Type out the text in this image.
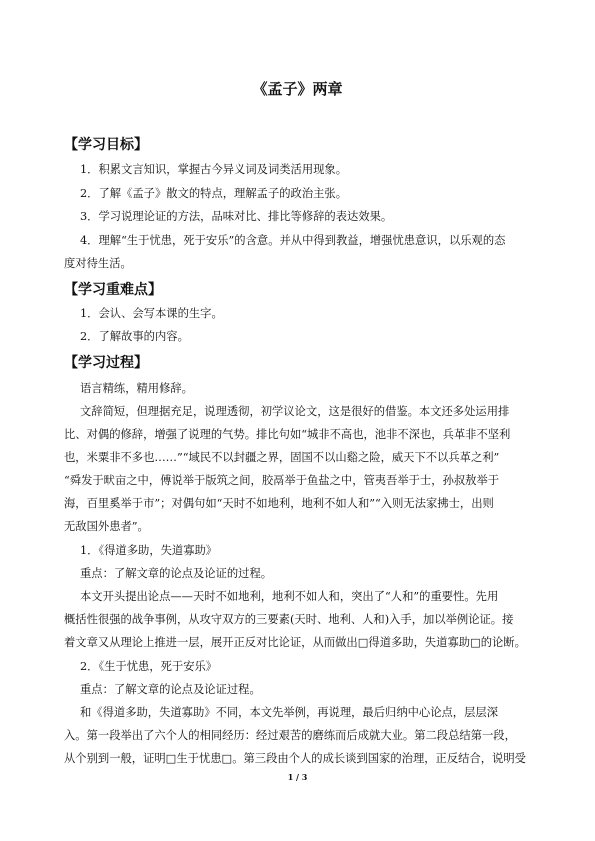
《孟子》两章
【学习目标】
1．积累文言知识，掌握古今异义词及词类活用现象。
2．了解《孟子》散文的特点，理解孟子的政治主张。
3．学习说理论证的方法，品味对比、排比等修辞的表达效果。
4．理解“生于忧患，死于安乐”的含意。并从中得到教益，增强忧患意识，以乐观的态
度对待生活。
【学习重难点】
1．会认、会写本课的生字。
2．了解故事的内容。
【学习过程】
语言精练，精用修辞。
文辞简短，但理据充足，说理透彻，初学议论文，这是很好的借鉴。本文还多处运用排
比、对偶的修辞，增强了说理的气势。排比句如“城非不高也，池非不深也，兵革非不坚利
也，米粟非不多也……”“域民不以封疆之界，固国不以山谿之险，威天下不以兵革之利”
“舜发于畎亩之中，傅说举于版筑之间，胶鬲举于鱼盐之中，管夷吾举于士，孙叔敖举于
海，百里奚举于市”；对偶句如“天时不如地利，地利不如人和”“入则无法家拂士，出则
无敌国外患者”。
1．《得道多助，失道寡助》
重点：了解文章的论点及论证的过程。
本文开头提出论点——天时不如地利，地利不如人和，突出了“人和”的重要性。先用
概括性很强的战争事例，从攻守双方的三要素(天时、地利、人和)入手，加以举例论证。接
着文章又从理论上推进一层，展开正反对比论证，从而做出□得道多助，失道寡助□的论断。
2．《生于忧患，死于安乐》
重点：了解文章的论点及论证过程。
和《得道多助，失道寡助》不同，本文先举例，再说理，最后归纳中心论点，层层深
入。第一段举出了六个人的相同经历：经过艰苦的磨练而后成就大业。第二段总结第一段，
从个别到一般，证明□生于忧患□。第三段由个人的成长谈到国家的治理，正反结合，说明受
1 / 3
